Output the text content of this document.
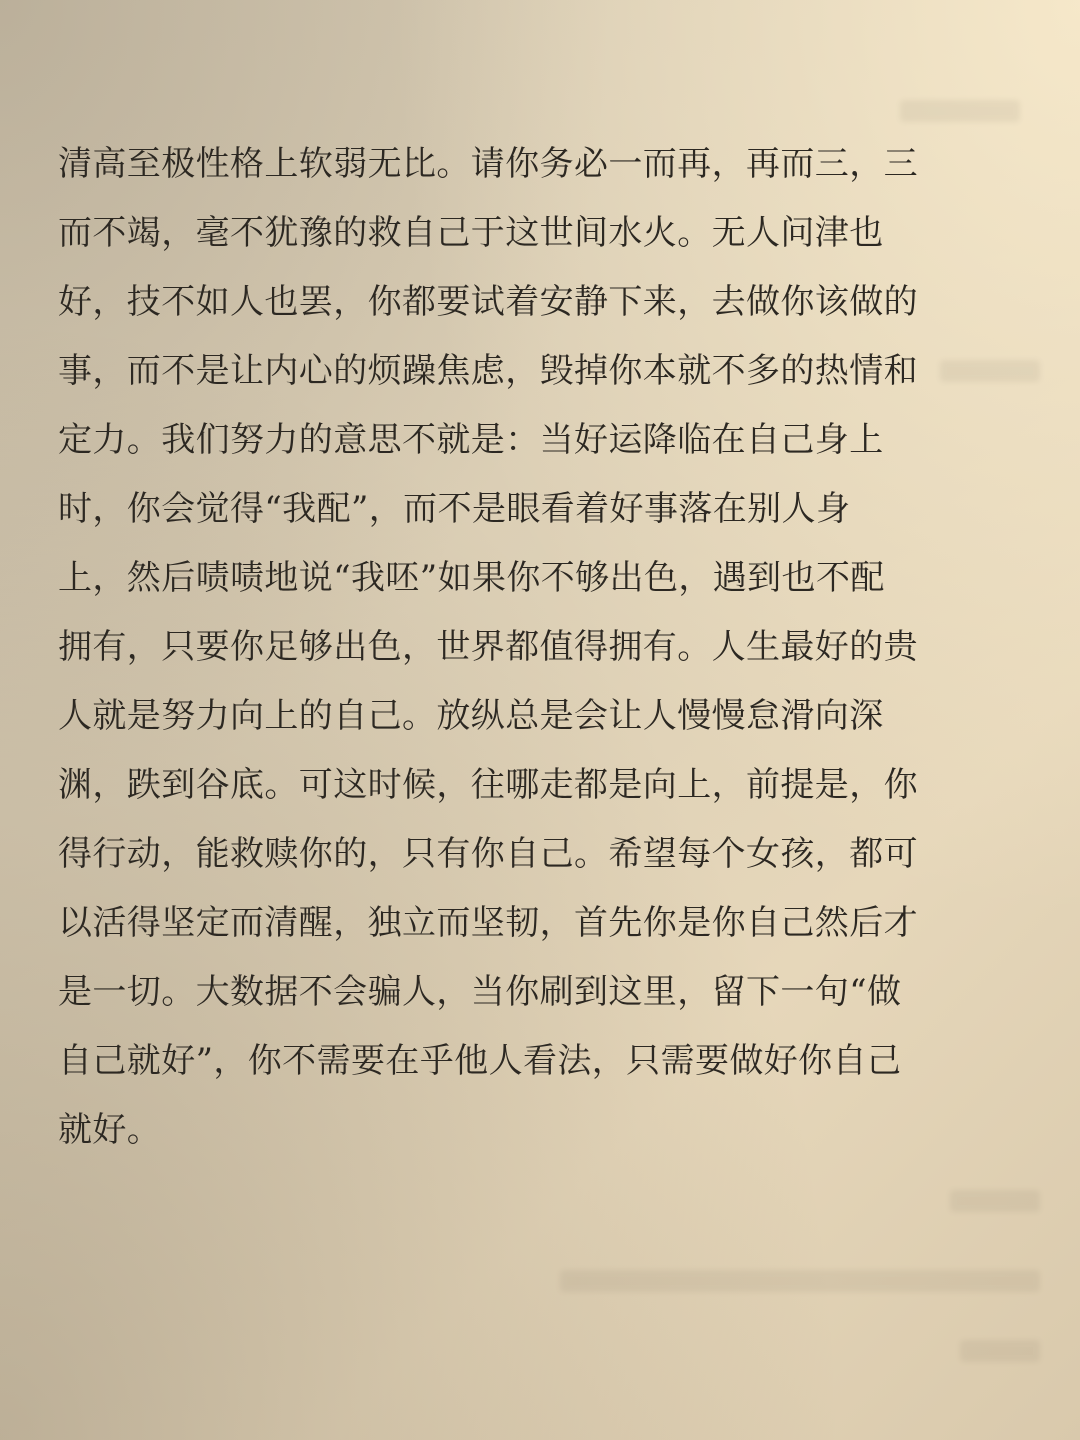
清高至极性格上软弱无比。请你务必一而再，再而三，三
而不竭，毫不犹豫的救自己于这世间水火。无人问津也
好，技不如人也罢，你都要试着安静下来，去做你该做的
事，而不是让内心的烦躁焦虑，毁掉你本就不多的热情和
定力。我们努力的意思不就是：当好运降临在自己身上
时，你会觉得“我配”，而不是眼看着好事落在别人身
上，然后啧啧地说“我呸”如果你不够出色，遇到也不配
拥有，只要你足够出色，世界都值得拥有。人生最好的贵
人就是努力向上的自己。放纵总是会让人慢慢怠滑向深
渊，跌到谷底。可这时候，往哪走都是向上，前提是，你
得行动，能救赎你的，只有你自己。希望每个女孩，都可
以活得坚定而清醒，独立而坚韧，首先你是你自己然后才
是一切。大数据不会骗人，当你刷到这里，留下一句“做
自己就好”，你不需要在乎他人看法，只需要做好你自己
就好。
